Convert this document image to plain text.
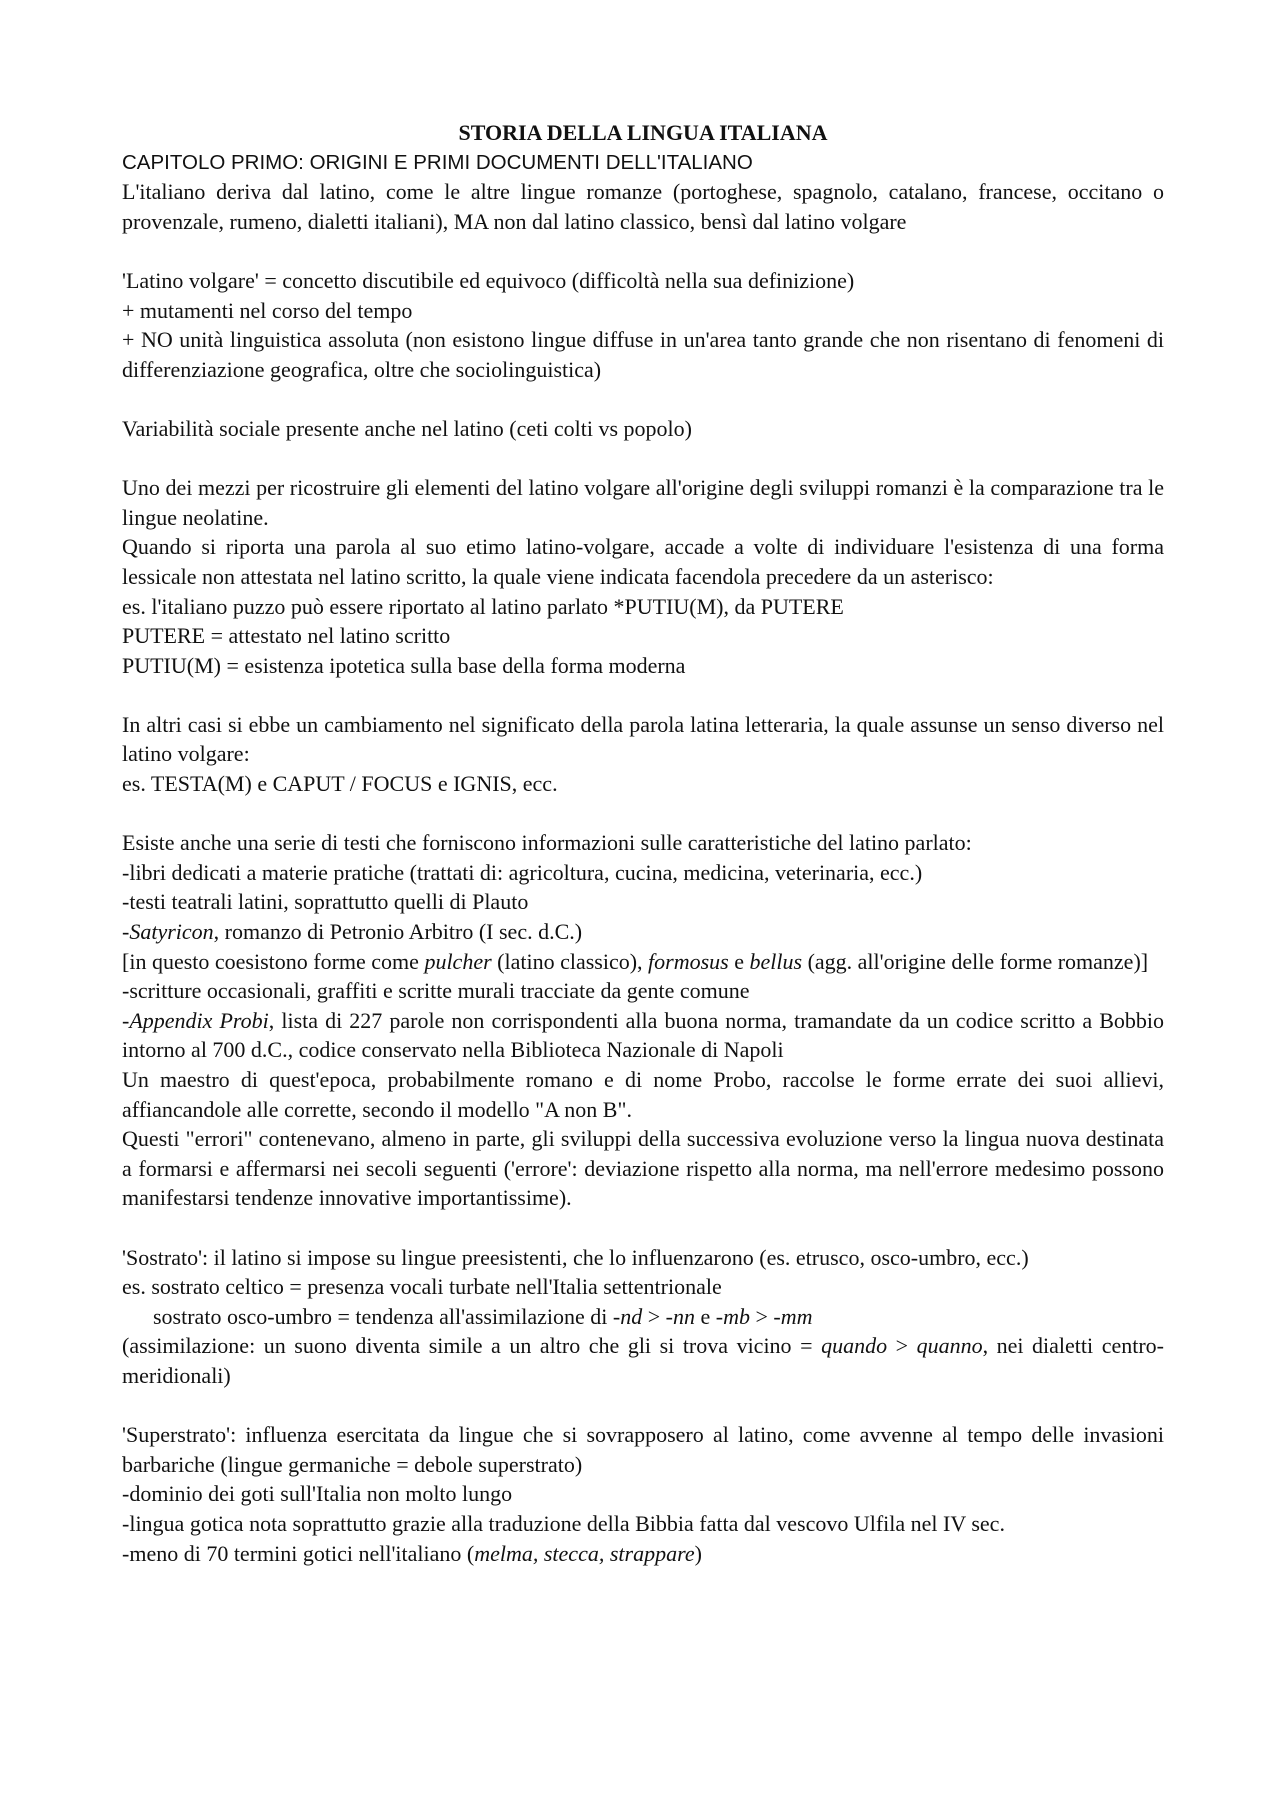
STORIA DELLA LINGUA ITALIANA

CAPITOLO PRIMO: ORIGINI E PRIMI DOCUMENTI DELL'ITALIANO

L'italiano deriva dal latino, come le altre lingue romanze (portoghese, spagnolo, catalano, francese, occitano o provenzale, rumeno, dialetti italiani), MA non dal latino classico, bensì dal latino volgare

'Latino volgare' = concetto discutibile ed equivoco (difficoltà nella sua definizione)

+ mutamenti nel corso del tempo

+ NO unità linguistica assoluta (non esistono lingue diffuse in un'area tanto grande che non risentano di fenomeni di differenziazione geografica, oltre che sociolinguistica)

Variabilità sociale presente anche nel latino (ceti colti vs popolo)

Uno dei mezzi per ricostruire gli elementi del latino volgare all'origine degli sviluppi romanzi è la comparazione tra le lingue neolatine.

Quando si riporta una parola al suo etimo latino-volgare, accade a volte di individuare l'esistenza di una forma lessicale non attestata nel latino scritto, la quale viene indicata facendola precedere da un asterisco:

es. l'italiano puzzo può essere riportato al latino parlato *PUTIU(M), da PUTERE

PUTERE = attestato nel latino scritto

PUTIU(M) = esistenza ipotetica sulla base della forma moderna

In altri casi si ebbe un cambiamento nel significato della parola latina letteraria, la quale assunse un senso diverso nel latino volgare:

es. TESTA(M) e CAPUT / FOCUS e IGNIS, ecc.

Esiste anche una serie di testi che forniscono informazioni sulle caratteristiche del latino parlato:

-libri dedicati a materie pratiche (trattati di: agricoltura, cucina, medicina, veterinaria, ecc.)

-testi teatrali latini, soprattutto quelli di Plauto

-Satyricon, romanzo di Petronio Arbitro (I sec. d.C.)

[in questo coesistono forme come pulcher (latino classico), formosus e bellus (agg. all'origine delle forme romanze)]

-scritture occasionali, graffiti e scritte murali tracciate da gente comune

-Appendix Probi, lista di 227 parole non corrispondenti alla buona norma, tramandate da un codice scritto a Bobbio intorno al 700 d.C., codice conservato nella Biblioteca Nazionale di Napoli

Un maestro di quest'epoca, probabilmente romano e di nome Probo, raccolse le forme errate dei suoi allievi, affiancandole alle corrette, secondo il modello "A non B".

Questi "errori" contenevano, almeno in parte, gli sviluppi della successiva evoluzione verso la lingua nuova destinata a formarsi e affermarsi nei secoli seguenti ('errore': deviazione rispetto alla norma, ma nell'errore medesimo possono manifestarsi tendenze innovative importantissime).

'Sostrato': il latino si impose su lingue preesistenti, che lo influenzarono (es. etrusco, osco-umbro, ecc.)

es. sostrato celtico = presenza vocali turbate nell'Italia settentrionale

sostrato osco-umbro = tendenza all'assimilazione di -nd > -nn e -mb > -mm

(assimilazione: un suono diventa simile a un altro che gli si trova vicino = quando > quanno, nei dialetti centro-meridionali)

'Superstrato': influenza esercitata da lingue che si sovrapposero al latino, come avvenne al tempo delle invasioni barbariche (lingue germaniche = debole superstrato)

-dominio dei goti sull'Italia non molto lungo

-lingua gotica nota soprattutto grazie alla traduzione della Bibbia fatta dal vescovo Ulfila nel IV sec.

-meno di 70 termini gotici nell'italiano (melma, stecca, strappare)
